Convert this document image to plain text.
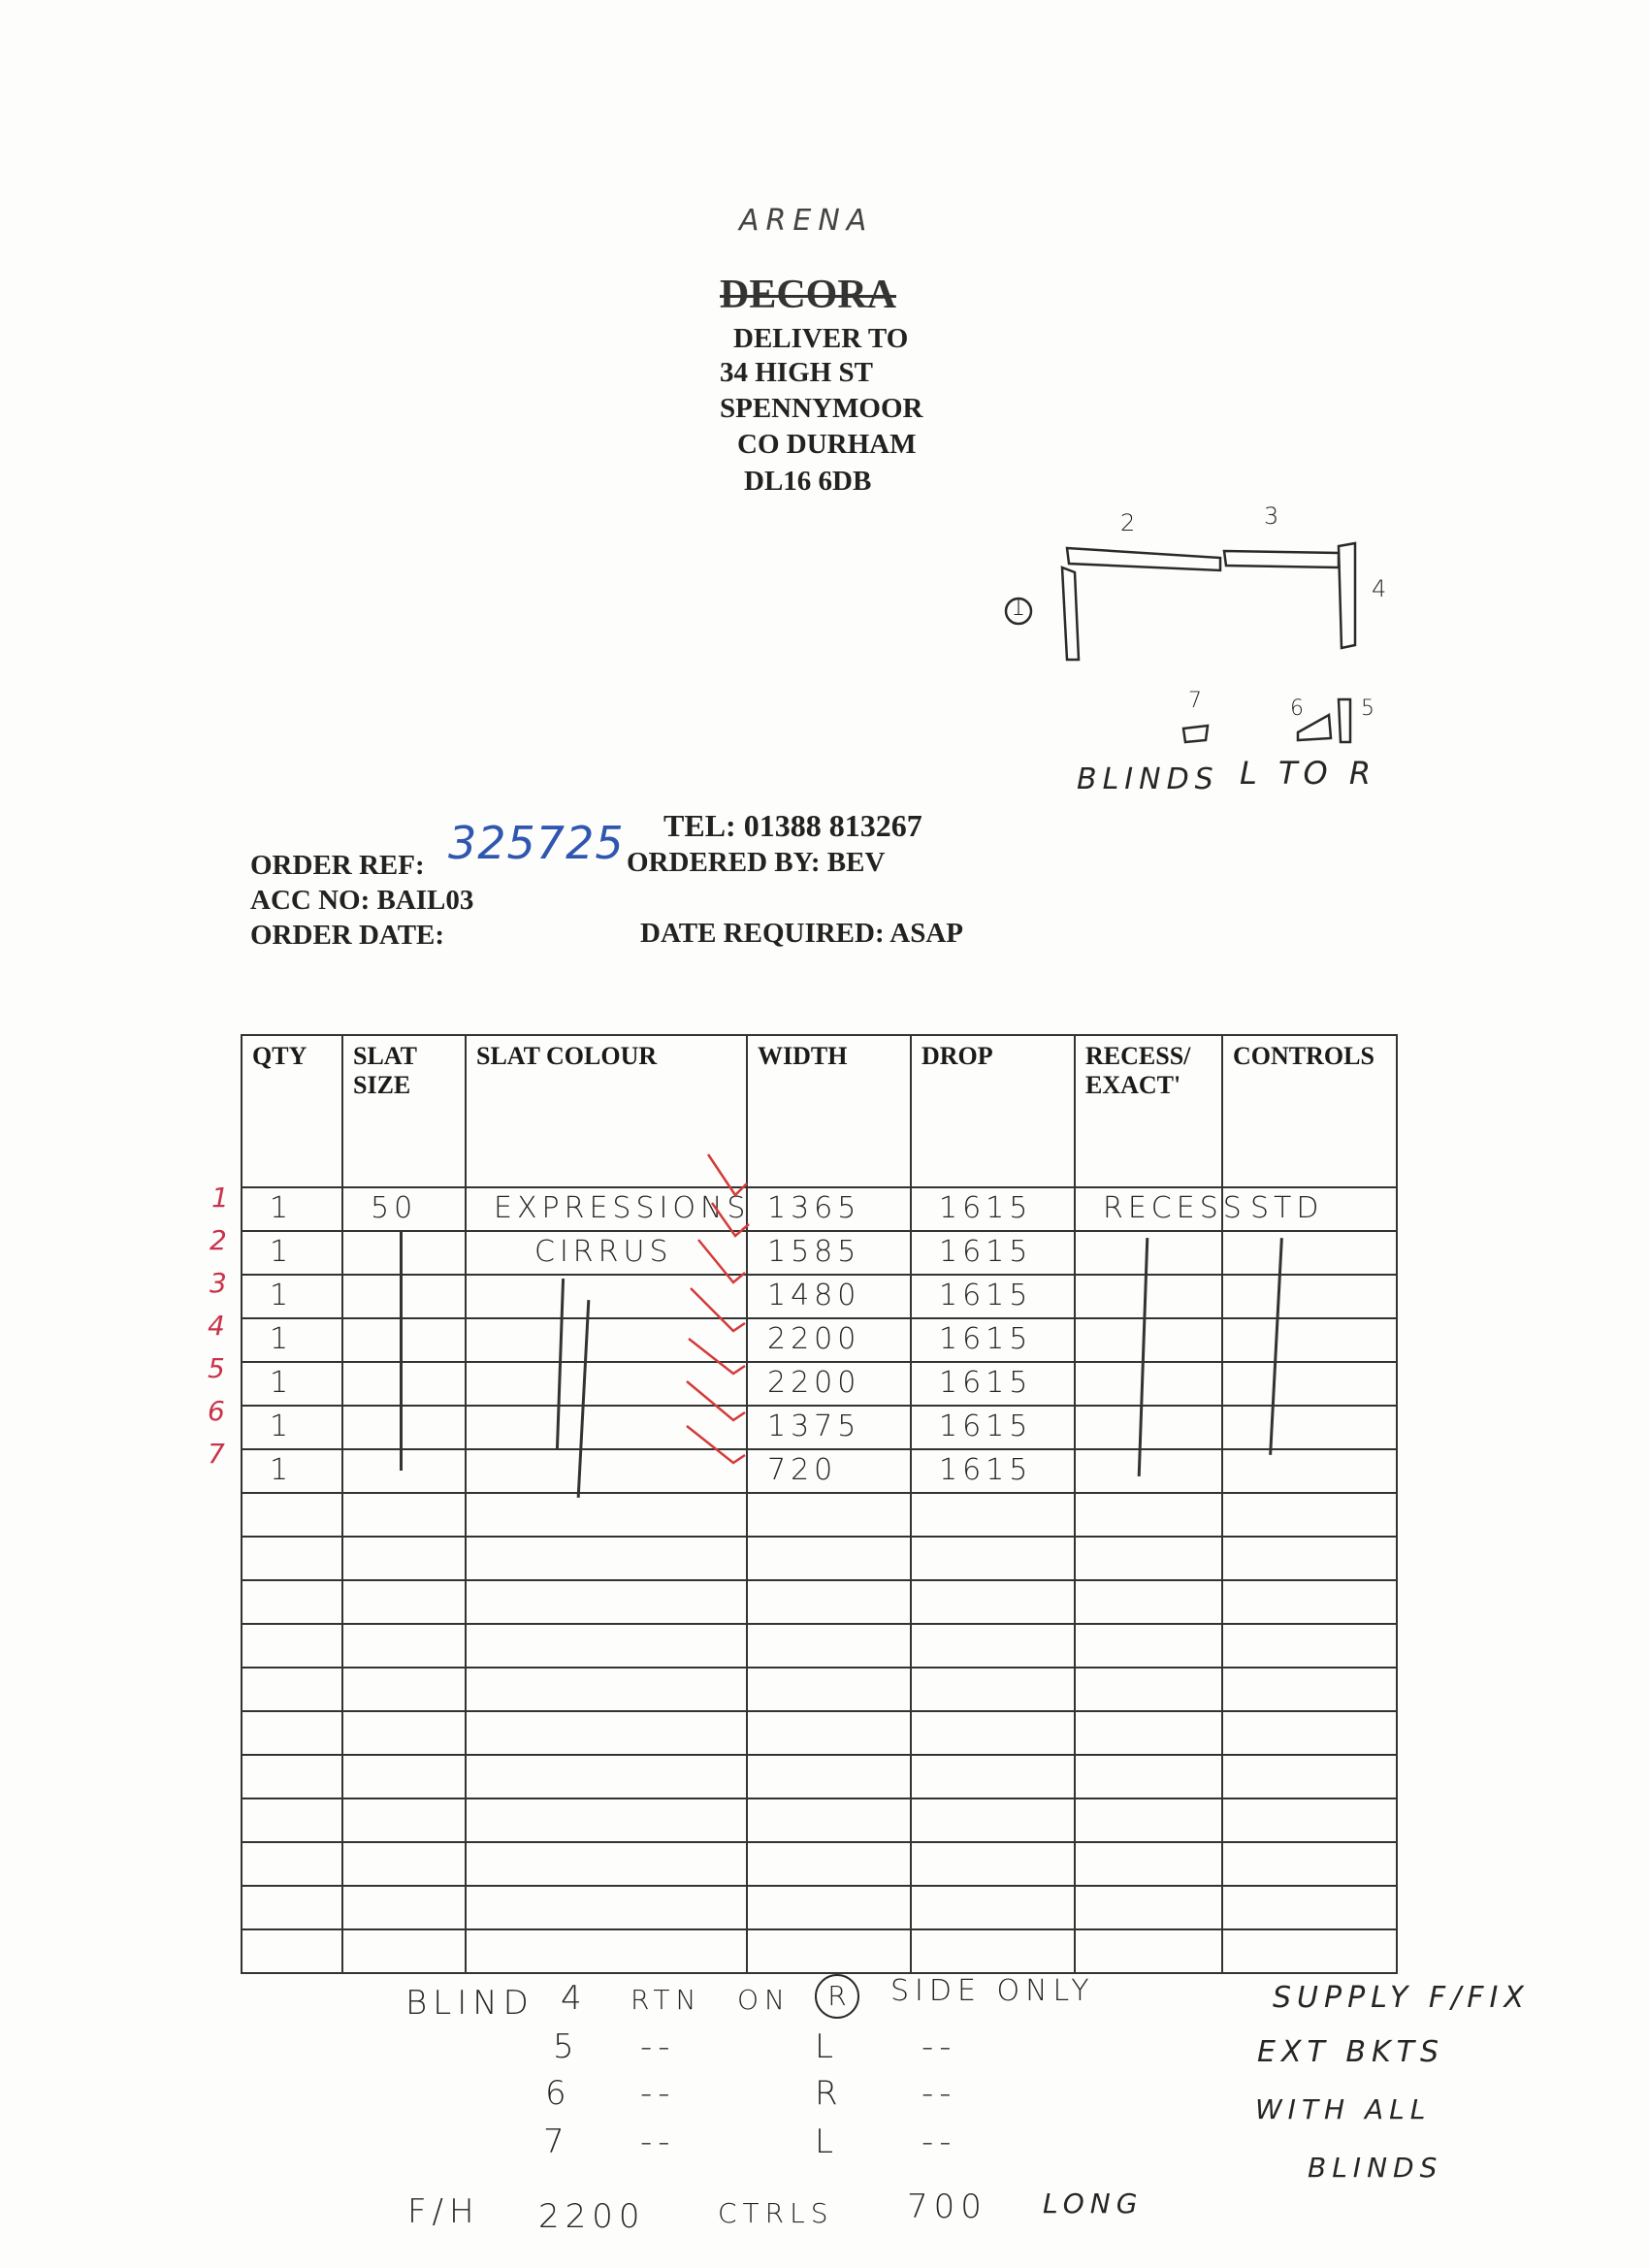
ARENA
DECORA
DELIVER TO
34 HIGH ST
SPENNYMOOR
CO DURHAM
DL16 6DB
1
2	3
4
5
6
7
BLINDS L TO R
TEL: 01388 813267
ORDER REF: 325725 ORDERED BY: BEV
ACC NO: BAIL03
ORDER DATE:	DATE REQUIRED: ASAP
1
2
3
4
5
6
7
QTY	SLAT SIZE	SLAT COLOUR	WIDTH	DROP	RECESS/ EXACT'	CONTROLS

1	50	EXPRESSIONS	1365	1615	RECESS	STD

1		CIRRUS	1585	1615		

1			1480	1615		

1			2200	1615		

1			2200	1615		

1			1375	1615		

1			720	1615		

BLIND 4 RTN ON	R	SIDE ONLY
5 --	L	--
6 --	R --
7 --	L	--
F/H 2200	CTRLS 700 LONG
SUPPLY F/FIX
EXT BKTS
WITH ALL
BLINDS
